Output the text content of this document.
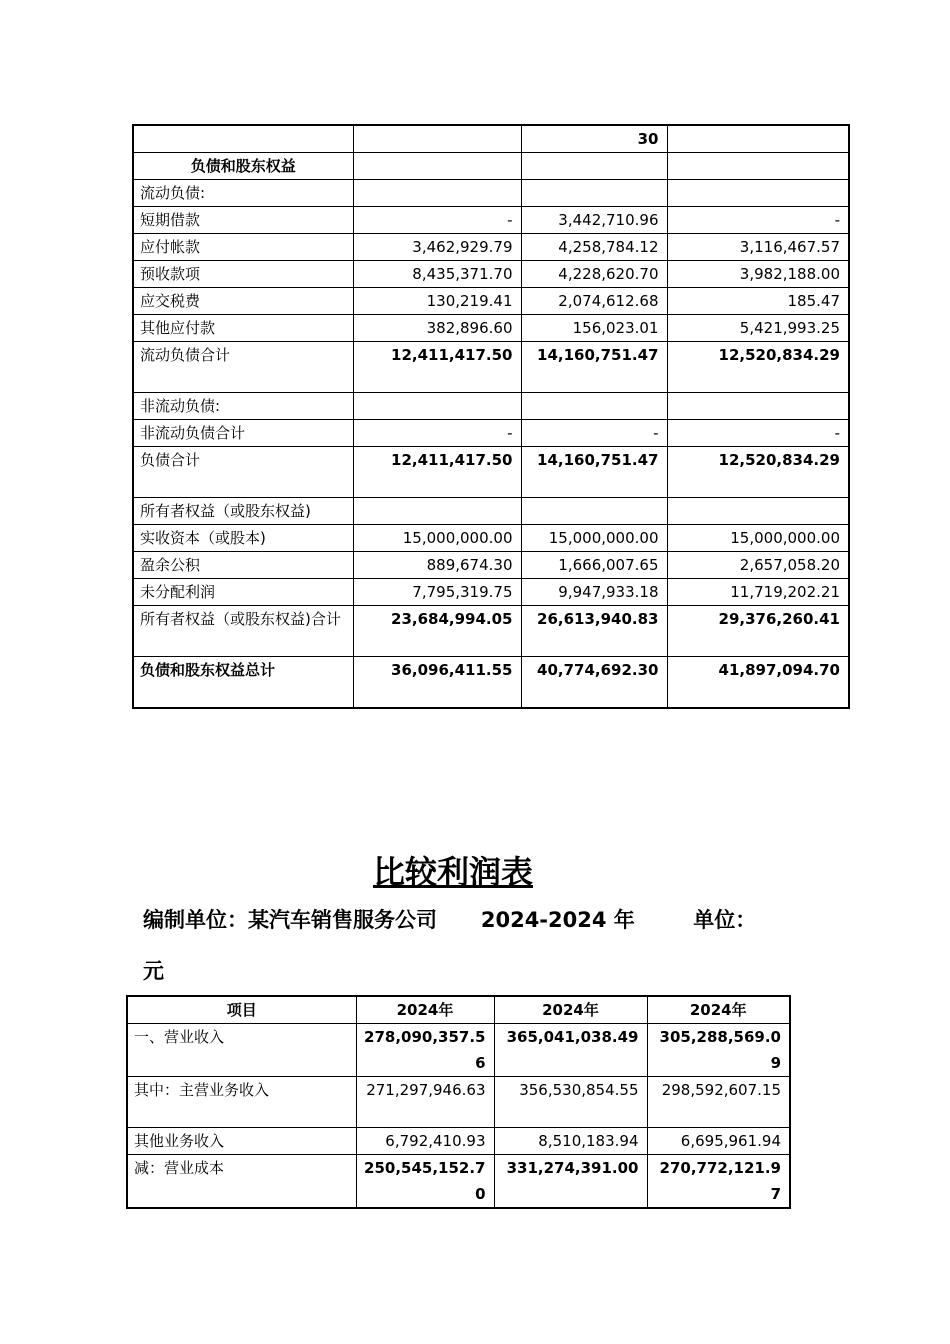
		30	
负债和股东权益			
流动负债:			
短期借款	-	3,442,710.96	-
应付帐款	3,462,929.79	4,258,784.12	3,116,467.57
预收款项	8,435,371.70	4,228,620.70	3,982,188.00
应交税费	130,219.41	2,074,612.68	185.47
其他应付款	382,896.60	156,023.01	5,421,993.25
流动负债合计	12,411,417.50	14,160,751.47	12,520,834.29
非流动负债:			
非流动负债合计	-	-	-
负债合计	12,411,417.50	14,160,751.47	12,520,834.29
所有者权益（或股东权益)			
实收资本（或股本)	15,000,000.00	15,000,000.00	15,000,000.00
盈余公积	889,674.30	1,666,007.65	2,657,058.20
未分配利润	7,795,319.75	9,947,933.18	11,719,202.21
所有者权益（或股东权益)合计	23,684,994.05	26,613,940.83	29,376,260.41
负债和股东权益总计	36,096,411.55	40,774,692.30	41,897,094.70
比较利润表
编制单位：某汽车销售服务公司      2024-2024 年        单位：
元
项目	2024年	2024年	2024年
一、营业收入	278,090,357.56	365,041,038.49	305,288,569.09
其中：主营业务收入	271,297,946.63	356,530,854.55	298,592,607.15
其他业务收入	6,792,410.93	8,510,183.94	6,695,961.94
减：营业成本	250,545,152.70	331,274,391.00	270,772,121.97
